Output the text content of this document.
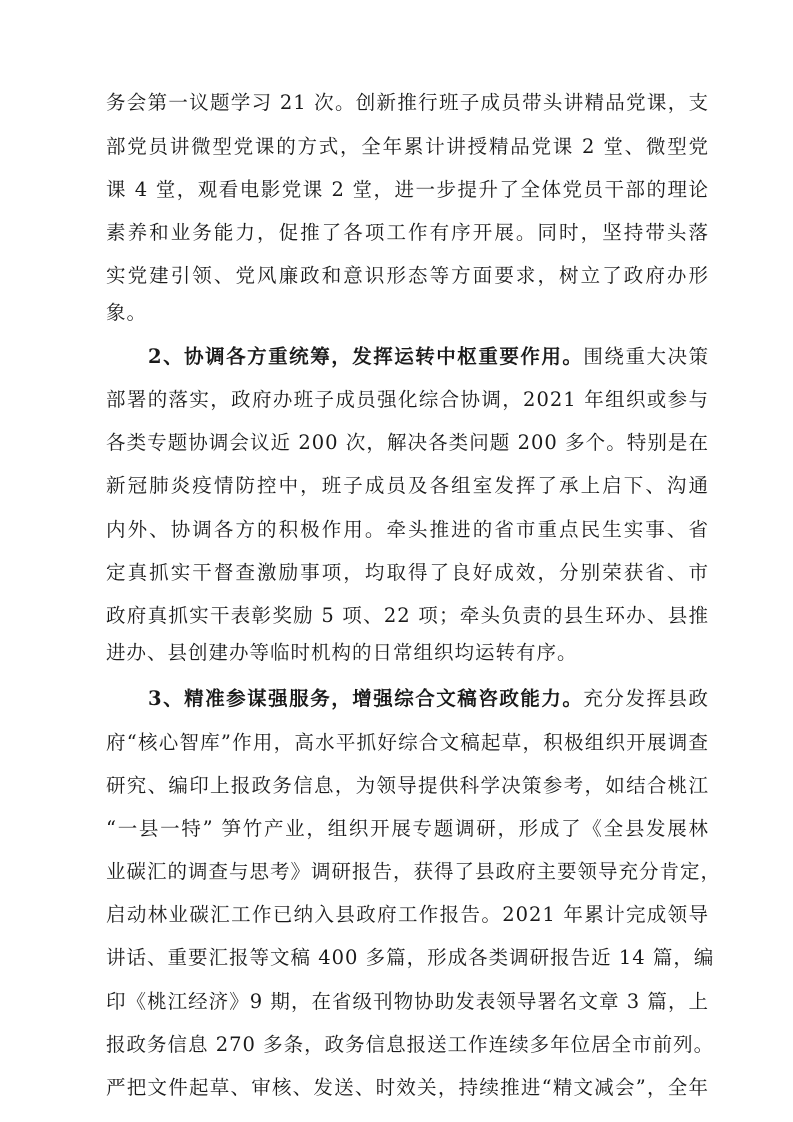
务会第一议题学习 21 次。创新推行班子成员带头讲精品党课，支
部党员讲微型党课的方式，全年累计讲授精品党课 2 堂、微型党
课 4 堂，观看电影党课 2 堂，进一步提升了全体党员干部的理论
素养和业务能力，促推了各项工作有序开展。同时，坚持带头落
实党建引领、党风廉政和意识形态等方面要求，树立了政府办形
象。
2、协调各方重统筹，发挥运转中枢重要作用。围绕重大决策
部署的落实，政府办班子成员强化综合协调，2021 年组织或参与
各类专题协调会议近 200 次，解决各类问题 200 多个。特别是在
新冠肺炎疫情防控中，班子成员及各组室发挥了承上启下、沟通
内外、协调各方的积极作用。牵头推进的省市重点民生实事、省
定真抓实干督查激励事项，均取得了良好成效，分别荣获省、市
政府真抓实干表彰奖励 5 项、22 项；牵头负责的县生环办、县推
进办、县创建办等临时机构的日常组织均运转有序。
3、精准参谋强服务，增强综合文稿咨政能力。充分发挥县政
府“核心智库”作用，高水平抓好综合文稿起草，积极组织开展调查
研究、编印上报政务信息，为领导提供科学决策参考，如结合桃江
“一县一特” 笋竹产业，组织开展专题调研，形成了《全县发展林
业碳汇的调查与思考》调研报告，获得了县政府主要领导充分肯定，
启动林业碳汇工作已纳入县政府工作报告。2021 年累计完成领导
讲话、重要汇报等文稿 400 多篇，形成各类调研报告近 14 篇，编
印《桃江经济》9 期，在省级刊物协助发表领导署名文章 3 篇，上
报政务信息 270 多条，政务信息报送工作连续多年位居全市前列。
严把文件起草、审核、发送、时效关，持续推进“精文减会”，全年
